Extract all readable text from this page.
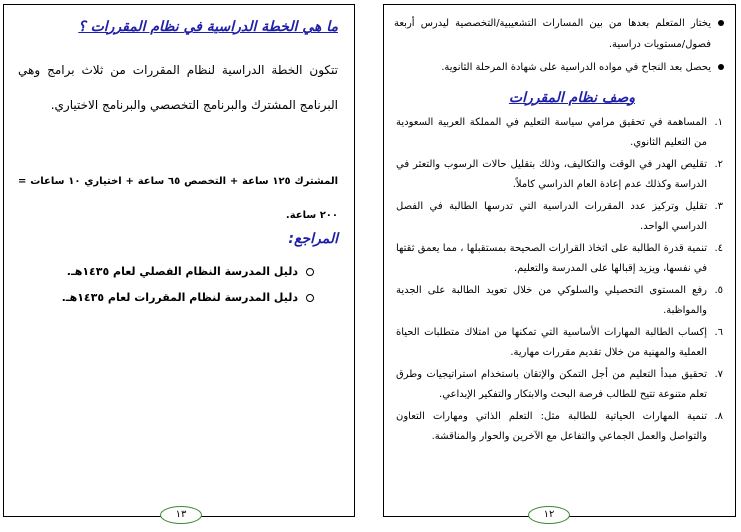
ما هي الخطة الدراسية في نظام المقررات ؟

تتكون الخطة الدراسية لنظام المقررات من ثلاث برامج وهي البرنامج المشترك والبرنامج التخصصي والبرنامج الاختياري.

المشترك ١٢٥ ساعة + التخصص ٦٥ ساعة + اختياري ١٠ ساعات = ٢٠٠ ساعة.

المراجع:
دليل المدرسة النظام الفصلي لعام ١٤٣٥هـ.
دليل المدرسة لنظام المقررات لعام ١٤٣٥هـ.
يختار المتعلم بعدها من بين المسارات التشعيبية/التخصصية ليدرس أربعة فصول/مستويات دراسية.
يحصل بعد النجاح في مواده الدراسية على شهادة المرحلة الثانوية.
وصف نظام المقررات
١.
المساهمة في تحقيق مرامي سياسة التعليم في المملكة العربية السعودية من التعليم الثانوي.
٢.
تقليص الهدر في الوقت والتكاليف، وذلك بتقليل حالات الرسوب والتعثر في الدراسة وكذلك عدم إعادة العام الدراسي كاملاً.
٣.
تقليل وتركيز عدد المقررات الدراسية التي تدرسها الطالبة في الفصل الدراسي الواحد.
٤.
تنمية قدرة الطالبة على اتخاذ القرارات الصحيحة بمستقبلها ، مما يعمق ثقتها في نفسها، ويزيد إقبالها على المدرسة والتعليم.
٥.
رفع المستوى التحصيلي والسلوكي من خلال تعويد الطالبة على الجدية والمواظبة.
٦.
إكساب الطالبة المهارات الأساسية التي تمكنها من امتلاك متطلبات الحياة العملية والمهنية من خلال تقديم مقررات مهارية.
٧.
تحقيق مبدأ التعليم من أجل التمكن والإتقان باستخدام استراتيجيات وطرق تعلم متنوعة تتيح للطالب فرصة البحث والابتكار والتفكير الإبداعي.
٨.
تنمية المهارات الحياتية للطالبة مثل: التعلم الذاتي ومهارات التعاون والتواصل والعمل الجماعي والتفاعل مع الآخرين والحوار والمناقشة.
١٣	١٢
